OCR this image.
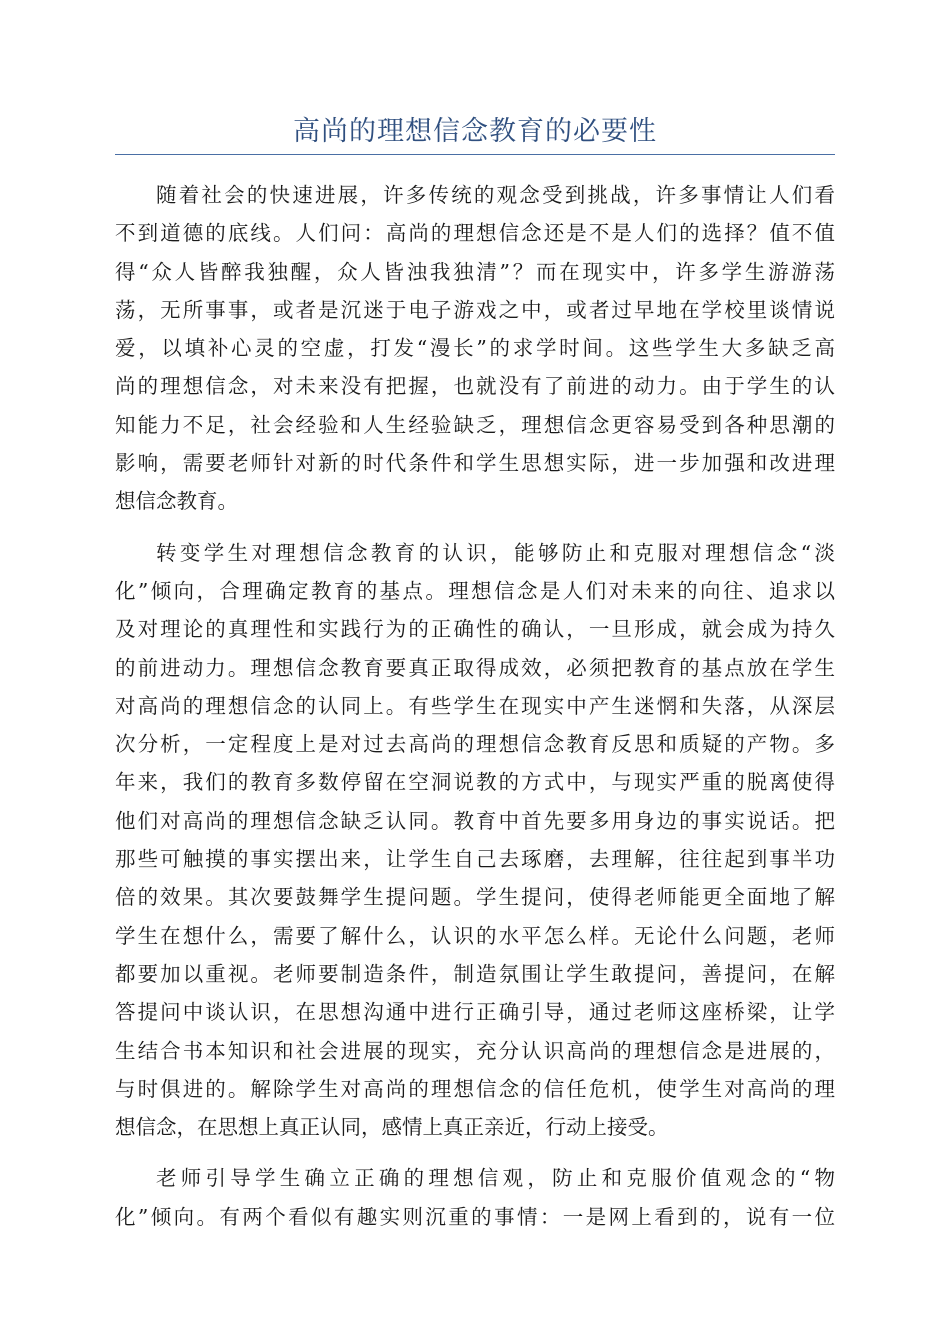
高尚的理想信念教育的必要性
随着社会的快速进展，许多传统的观念受到挑战，许多事情让人们看
不到道德的底线。人们问：高尚的理想信念还是不是人们的选择？值不值
得“众人皆醉我独醒，众人皆浊我独清”？而在现实中，许多学生游游荡
荡，无所事事，或者是沉迷于电子游戏之中，或者过早地在学校里谈情说
爱，以填补心灵的空虚，打发“漫长”的求学时间。这些学生大多缺乏高
尚的理想信念，对未来没有把握，也就没有了前进的动力。由于学生的认
知能力不足，社会经验和人生经验缺乏，理想信念更容易受到各种思潮的
影响，需要老师针对新的时代条件和学生思想实际，进一步加强和改进理
想信念教育。
转变学生对理想信念教育的认识，能够防止和克服对理想信念“淡
化”倾向，合理确定教育的基点。理想信念是人们对未来的向往、追求以
及对理论的真理性和实践行为的正确性的确认，一旦形成，就会成为持久
的前进动力。理想信念教育要真正取得成效，必须把教育的基点放在学生
对高尚的理想信念的认同上。有些学生在现实中产生迷惘和失落，从深层
次分析，一定程度上是对过去高尚的理想信念教育反思和质疑的产物。多
年来，我们的教育多数停留在空洞说教的方式中，与现实严重的脱离使得
他们对高尚的理想信念缺乏认同。教育中首先要多用身边的事实说话。把
那些可触摸的事实摆出来，让学生自己去琢磨，去理解，往往起到事半功
倍的效果。其次要鼓舞学生提问题。学生提问，使得老师能更全面地了解
学生在想什么，需要了解什么，认识的水平怎么样。无论什么问题，老师
都要加以重视。老师要制造条件，制造氛围让学生敢提问，善提问，在解
答提问中谈认识，在思想沟通中进行正确引导，通过老师这座桥梁，让学
生结合书本知识和社会进展的现实，充分认识高尚的理想信念是进展的，
与时俱进的。解除学生对高尚的理想信念的信任危机，使学生对高尚的理
想信念，在思想上真正认同，感情上真正亲近，行动上接受。
老师引导学生确立正确的理想信观，防止和克服价值观念的“物
化”倾向。有两个看似有趣实则沉重的事情：一是网上看到的，说有一位
